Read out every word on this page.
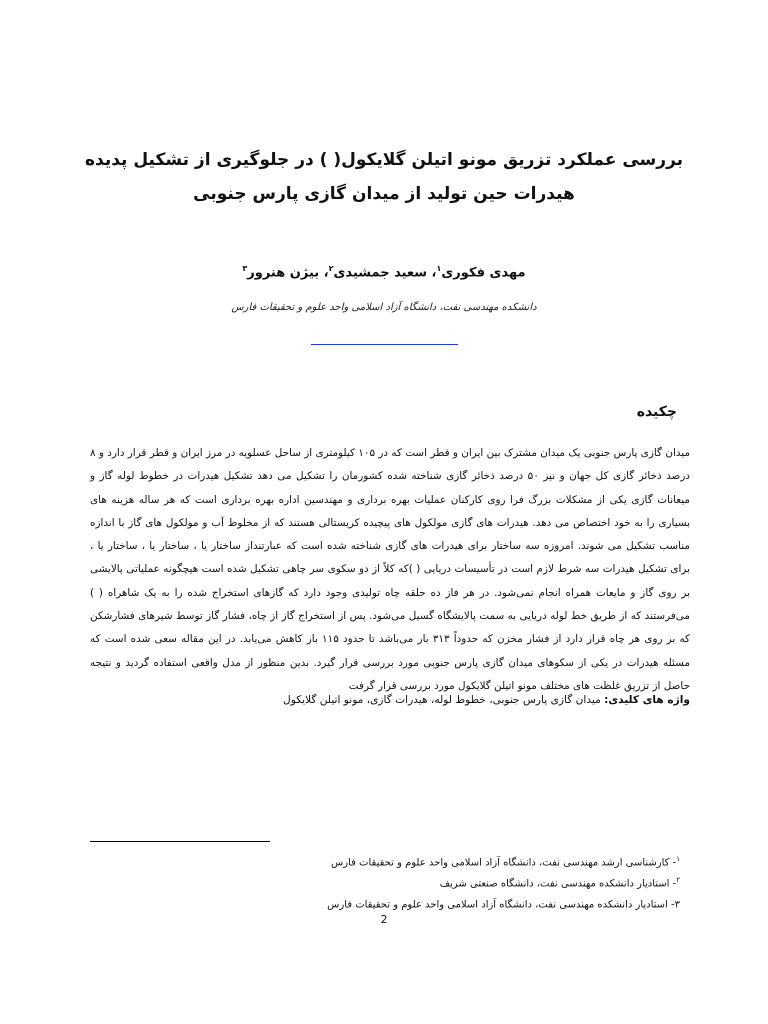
بررسی عملکرد تزریق مونو اتیلن گلایکول( ) در جلوگیری از تشکیل پدیده
هیدرات حین تولید از میدان گازی پارس جنوبی
مهدی فکوری$^۱$، سعید جمشیدی$^۲$، بیژن هنرور$^۳$
دانشکده مهندسی نفت، دانشگاه آزاد اسلامی واحد علوم و تحقیقات فارس
چکیده
میدان گازی پارس جنوبی یک میدان مشترک بین ایران و قطر است که در ۱۰۵ کیلومتری از ساحل عسلویه در مرز ایران و قطر قرار دارد و ۸ درصد ذخائر گازی کل جهان و نیز ۵۰ درصد ذخائر گازی شناخته شده کشورمان را تشکیل می دهد تشکیل هیدرات در خطوط لوله گاز و میعانات گازی یکی از مشکلات بزرگ فرا روی کارکنان عملیات بهره برداری و مهندسین اداره بهره برداری است که هر ساله هزینه های بسیاری را به خود اختصاص می دهد. هیدرات های گازی مولکول های پیچیده کریستالی هستند که از مخلوط آب و مولکول های گاز با اندازه مناسب تشکیل می شوند. امروزه سه ساختار برای هیدرات های گازی شناخته شده است که عبارتنداز ساختار یا ، ساختار یا ، ساختار یا ، برای تشکیل هیدرات سه شرط لازم است در تأسیسات دریایی ( )که کلاً از دو سکوی سر چاهی تشکیل شده است هیچگونه عملیاتی پالایشی بر روی گاز و مایعات همراه انجام نمی‌شود. در هر فاز ده حلقه چاه تولیدی وجود دارد که گازهای استخراج شده را به یک شاهراه ( ) می‌فرستند که از طریق خط لوله دریایی به سمت پالایشگاه گسیل می‌شود. پس از استخراج گاز از چاه، فشار گاز توسط شیرهای فشارشکن که بر روی هر چاه قرار دارد از فشار مخزن که حدوداً ۳۱۳ بار می‌باشد تا حدود ۱۱۵ بار کاهش می‌یابد. در این مقاله سعی شده است که مسئله هیدرات در یکی از سکوهای میدان گازی پارس جنوبی مورد بررسی قرار گیرد. بدین منظور از مدل واقعی استفاده گردید و نتیجه حاصل از تزریق غلظت های مختلف مونو اتیلن گلایکول مورد بررسی قرار گرفت
واژه های کلیدی: میدان گازی پارس جنوبی، خطوط لوله، هیدرات گازی، مونو اتیلن گلایکول
$^۱$- کارشناسی ارشد مهندسی نفت، دانشگاه آزاد اسلامی واحد علوم و تحقیقات فارس
$^۲$- استادیار دانشکده مهندسی نفت، دانشگاه صنعتی شریف
۳- استادیار دانشکده مهندسی نفت، دانشگاه آزاد اسلامی واحد علوم و تحقیقات فارس
2
